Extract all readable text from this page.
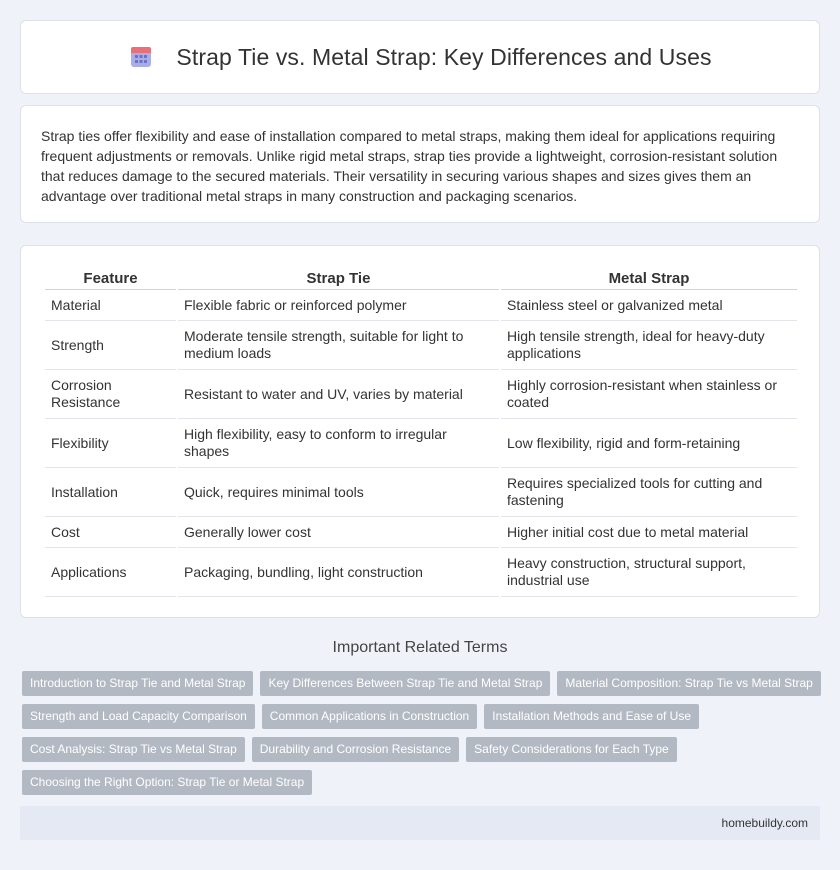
Strap Tie vs. Metal Strap: Key Differences and Uses

Strap ties offer flexibility and ease of installation compared to metal straps, making them ideal for applications requiring frequent adjustments or removals. Unlike rigid metal straps, strap ties provide a lightweight, corrosion-resistant solution that reduces damage to the secured materials. Their versatility in securing various shapes and sizes gives them an advantage over traditional metal straps in many construction and packaging scenarios.

Feature	Strap Tie	Metal Strap
Material	Flexible fabric or reinforced polymer	Stainless steel or galvanized metal
Strength	Moderate tensile strength, suitable for light to medium loads	High tensile strength, ideal for heavy-duty applications
Corrosion Resistance	Resistant to water and UV, varies by material	Highly corrosion-resistant when stainless or coated
Flexibility	High flexibility, easy to conform to irregular shapes	Low flexibility, rigid and form-retaining
Installation	Quick, requires minimal tools	Requires specialized tools for cutting and fastening
Cost	Generally lower cost	Higher initial cost due to metal material
Applications	Packaging, bundling, light construction	Heavy construction, structural support, industrial use
Important Related Terms
Introduction to Strap Tie and Metal Strap	Key Differences Between Strap Tie and Metal Strap	Material Composition: Strap Tie vs Metal Strap
Strength and Load Capacity Comparison	Common Applications in Construction	Installation Methods and Ease of Use
Cost Analysis: Strap Tie vs Metal Strap	Durability and Corrosion Resistance	Safety Considerations for Each Type
Choosing the Right Option: Strap Tie or Metal Strap
homebuildy.com
